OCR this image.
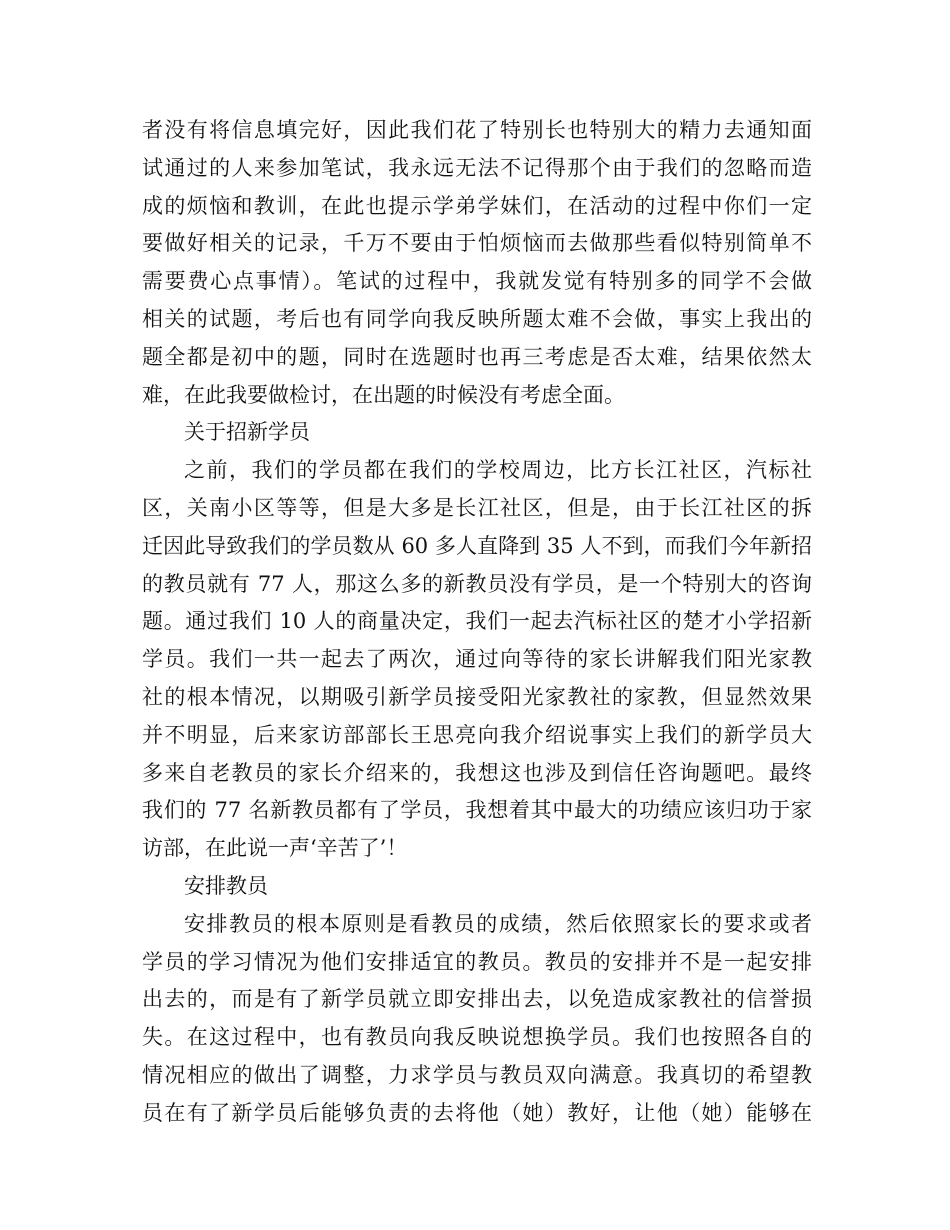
者没有将信息填完好，因此我们花了特别长也特别大的精力去通知面
试通过的人来参加笔试，我永远无法不记得那个由于我们的忽略而造
成的烦恼和教训，在此也提示学弟学妹们，在活动的过程中你们一定
要做好相关的记录，千万不要由于怕烦恼而去做那些看似特别简单不
需要费心点事情）。笔试的过程中，我就发觉有特别多的同学不会做
相关的试题，考后也有同学向我反映所题太难不会做，事实上我出的
题全都是初中的题，同时在选题时也再三考虑是否太难，结果依然太
难，在此我要做检讨，在出题的时候没有考虑全面。
关于招新学员
之前，我们的学员都在我们的学校周边，比方长江社区，汽标社
区，关南小区等等，但是大多是长江社区，但是，由于长江社区的拆
迁因此导致我们的学员数从 60 多人直降到 35 人不到，而我们今年新招
的教员就有 77 人，那这么多的新教员没有学员，是一个特别大的咨询
题。通过我们 10 人的商量决定，我们一起去汽标社区的楚才小学招新
学员。我们一共一起去了两次，通过向等待的家长讲解我们阳光家教
社的根本情况，以期吸引新学员接受阳光家教社的家教，但显然效果
并不明显，后来家访部部长王思亮向我介绍说事实上我们的新学员大
多来自老教员的家长介绍来的，我想这也涉及到信任咨询题吧。最终
我们的 77 名新教员都有了学员，我想着其中最大的功绩应该归功于家
访部，在此说一声‘辛苦了’！
安排教员
安排教员的根本原则是看教员的成绩，然后依照家长的要求或者
学员的学习情况为他们安排适宜的教员。教员的安排并不是一起安排
出去的，而是有了新学员就立即安排出去，以免造成家教社的信誉损
失。在这过程中，也有教员向我反映说想换学员。我们也按照各自的
情况相应的做出了调整，力求学员与教员双向满意。我真切的希望教
员在有了新学员后能够负责的去将他（她）教好，让他（她）能够在
